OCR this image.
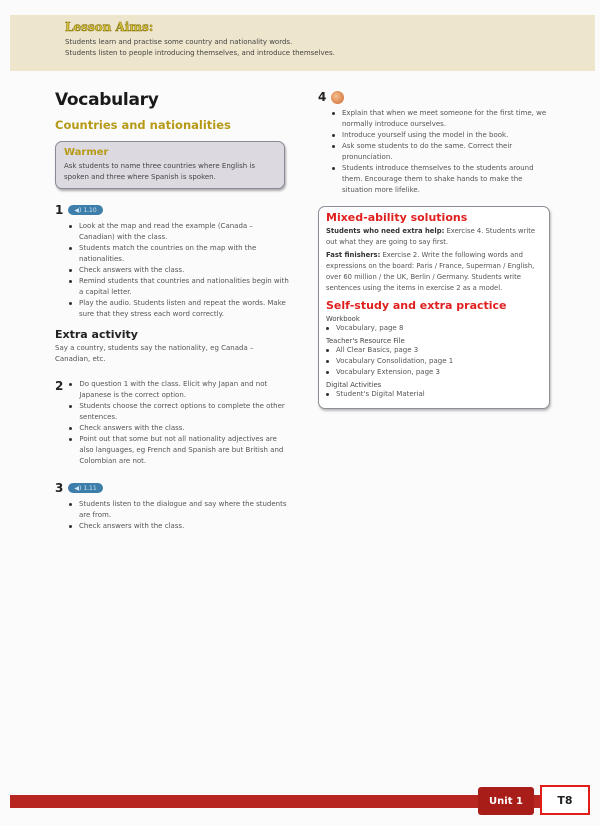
Lesson Aims:

Students learn and practise some country and nationality words.

Students listen to people introducing themselves, and introduce themselves.

Vocabulary
Countries and nationalities
Warmer

Ask students to name three countries where English is spoken and three where Spanish is spoken.

1 ◀) 1.10
Look at the map and read the example (Canada – Canadian) with the class.
Students match the countries on the map with the nationalities.
Check answers with the class.
Remind students that countries and nationalities begin with a capital letter.
Play the audio. Students listen and repeat the words. Make sure that they stress each word correctly.
Extra activity

Say a country, students say the nationality, eg Canada – Canadian, etc.

2	Do question 1 with the class. Elicit why Japan and not Japanese is the correct option.
Students choose the correct options to complete the other sentences.
Check answers with the class.
Point out that some but not all nationality adjectives are also languages, eg French and Spanish are but British and Colombian are not.
3 ◀) 1.11
Students listen to the dialogue and say where the students are from.
Check answers with the class.
4
Explain that when we meet someone for the first time, we normally introduce ourselves.
Introduce yourself using the model in the book.
Ask some students to do the same. Correct their pronunciation.
Students introduce themselves to the students around them. Encourage them to shake hands to make the situation more lifelike.
Mixed-ability solutions

Students who need extra help: Exercise 4. Students write out what they are going to say first.

Fast finishers: Exercise 2. Write the following words and expressions on the board: Paris / France, Superman / English, over 60 million / the UK, Berlin / Germany. Students write sentences using the items in exercise 2 as a model.

Self-study and extra practice
Workbook
Vocabulary, page 8
Teacher's Resource File
All Clear Basics, page 3
Vocabulary Consolidation, page 1
Vocabulary Extension, page 3
Digital Activities
Student's Digital Material
Unit 1	T8
